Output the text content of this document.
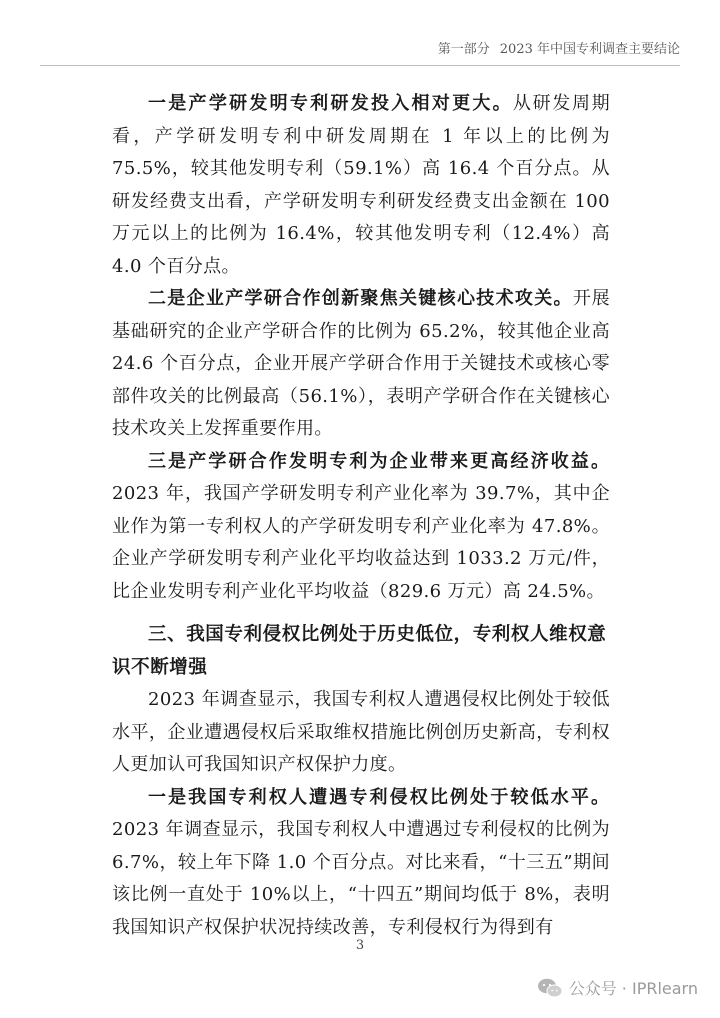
第一部分 2023 年中国专利调查主要结论

一是产学研发明专利研发投入相对更大。从研发周期看，产学研发明专利中研发周期在 1 年以上的比例为 75.5%，较其他发明专利（59.1%）高 16.4 个百分点。从研发经费支出看，产学研发明专利研发经费支出金额在 100 万元以上的比例为 16.4%，较其他发明专利（12.4%）高 4.0 个百分点。

二是企业产学研合作创新聚焦关键核心技术攻关。开展基础研究的企业产学研合作的比例为 65.2%，较其他企业高 24.6 个百分点，企业开展产学研合作用于关键技术或核心零部件攻关的比例最高（56.1%），表明产学研合作在关键核心技术攻关上发挥重要作用。

三是产学研合作发明专利为企业带来更高经济收益。2023 年，我国产学研发明专利产业化率为 39.7%，其中企业作为第一专利权人的产学研发明专利产业化率为 47.8%。企业产学研发明专利产业化平均收益达到 1033.2 万元/件，比企业发明专利产业化平均收益（829.6 万元）高 24.5%。

三、我国专利侵权比例处于历史低位，专利权人维权意识不断增强

2023 年调查显示，我国专利权人遭遇侵权比例处于较低水平，企业遭遇侵权后采取维权措施比例创历史新高，专利权人更加认可我国知识产权保护力度。

一是我国专利权人遭遇专利侵权比例处于较低水平。2023 年调查显示，我国专利权人中遭遇过专利侵权的比例为 6.7%，较上年下降 1.0 个百分点。对比来看，“十三五”期间该比例一直处于 10%以上，“十四五”期间均低于 8%，表明我国知识产权保护状况持续改善，专利侵权行为得到有

3
公众号 · IPRlearn
